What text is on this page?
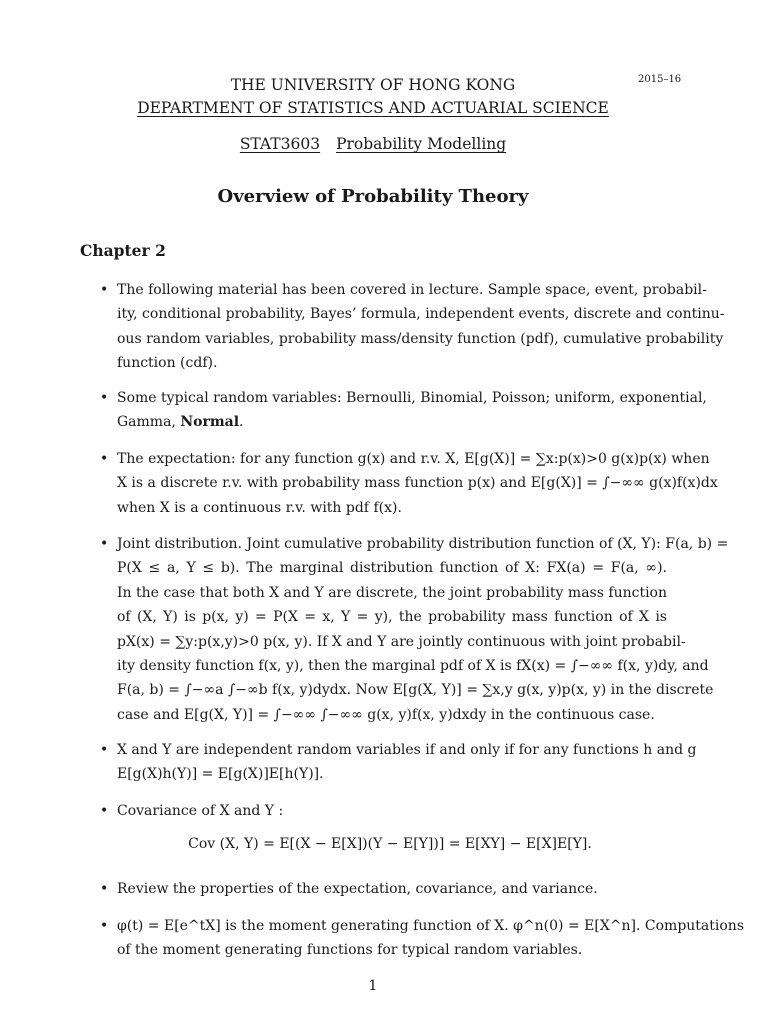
2015–16
THE UNIVERSITY OF HONG KONG
DEPARTMENT OF STATISTICS AND ACTUARIAL SCIENCE
STAT3603 Probability Modelling
Overview of Probability Theory
Chapter 2
• The following material has been covered in lecture. Sample space, event, probabil-
ity, conditional probability, Bayes’ formula, independent events, discrete and continu-
ous random variables, probability mass/density function (pdf), cumulative probability
function (cdf).
• Some typical random variables: Bernoulli, Binomial, Poisson; uniform, exponential,
Gamma, Normal.
• The expectation: for any function g(x) and r.v. X, E[g(X)] = ∑x:p(x)>0 g(x)p(x) when
X is a discrete r.v. with probability mass function p(x) and E[g(X)] = ∫−∞∞ g(x)f(x)dx
when X is a continuous r.v. with pdf f(x).
• Joint distribution. Joint cumulative probability distribution function of (X, Y): F(a, b) =
P(X ≤ a, Y ≤ b). The marginal distribution function of X: FX(a) = F(a, ∞).
In the case that both X and Y are discrete, the joint probability mass function
of (X, Y) is p(x, y) = P(X = x, Y = y), the probability mass function of X is
pX(x) = ∑y:p(x,y)>0 p(x, y). If X and Y are jointly continuous with joint probabil-
ity density function f(x, y), then the marginal pdf of X is fX(x) = ∫−∞∞ f(x, y)dy, and
F(a, b) = ∫−∞a ∫−∞b f(x, y)dydx. Now E[g(X, Y)] = ∑x,y g(x, y)p(x, y) in the discrete
case and E[g(X, Y)] = ∫−∞∞ ∫−∞∞ g(x, y)f(x, y)dxdy in the continuous case.
• X and Y are independent random variables if and only if for any functions h and g
E[g(X)h(Y)] = E[g(X)]E[h(Y)].
• Covariance of X and Y :
Cov (X, Y) = E[(X − E[X])(Y − E[Y])] = E[XY] − E[X]E[Y].
• Review the properties of the expectation, covariance, and variance.
• φ(t) = E[e^tX] is the moment generating function of X. φ^n(0) = E[X^n]. Computations
of the moment generating functions for typical random variables.
1
